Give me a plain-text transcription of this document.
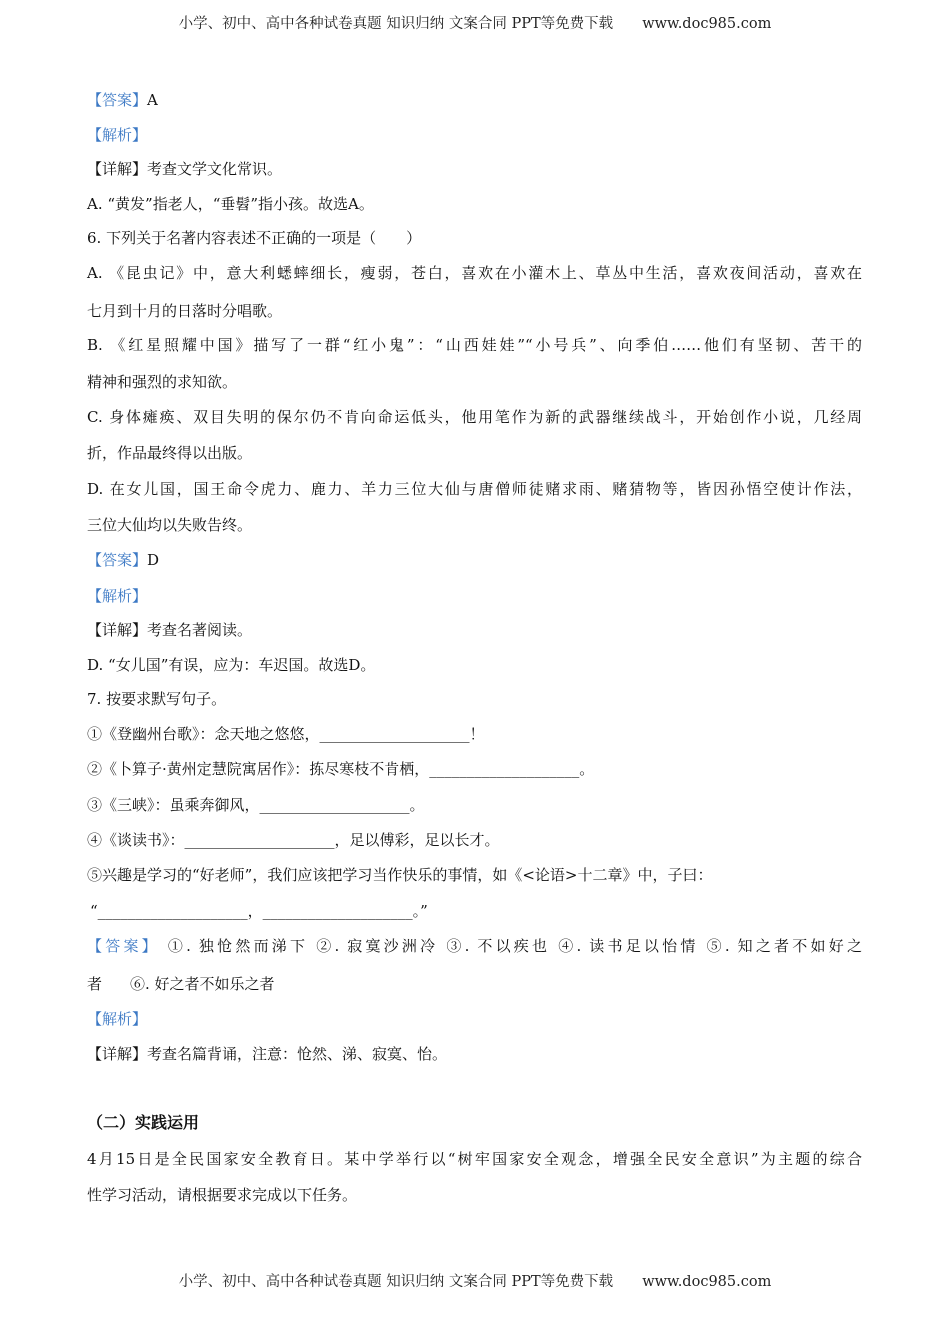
小学、初中、高中各种试卷真题 知识归纳 文案合同 PPT等免费下载　　 www.doc985.com
【答案】A
【解析】
【详解】考查文学文化常识。
A. “黄发”指老人，“垂髫”指小孩。故选A。
6. 下列关于名著内容表述不正确的一项是（　　）
A. 《昆虫记》中，意大利蟋蟀细长，瘦弱，苍白，喜欢在小灌木上、草丛中生活，喜欢夜间活动，喜欢在
七月到十月的日落时分唱歌。
B. 《红星照耀中国》描写了一群“红小鬼”：“山西娃娃”“小号兵”、向季伯……他们有坚韧、苦干的
精神和强烈的求知欲。
C. 身体瘫痪、双目失明的保尔仍不肯向命运低头，他用笔作为新的武器继续战斗，开始创作小说，几经周
折，作品最终得以出版。
D. 在女儿国，国王命令虎力、鹿力、羊力三位大仙与唐僧师徒赌求雨、赌猜物等，皆因孙悟空使计作法，
三位大仙均以失败告终。
【答案】D
【解析】
【详解】考查名著阅读。
D. “女儿国”有误，应为：车迟国。故选D。
7. 按要求默写句子。
①《登幽州台歌》：念天地之悠悠，____________________！
②《卜算子·黄州定慧院寓居作》：拣尽寒枝不肯栖，____________________。
③《三峡》：虽乘奔御风，____________________。
④《谈读书》：____________________，足以傅彩，足以长才。
⑤兴趣是学习的“好老师”，我们应该把学习当作快乐的事情，如《<论语>十二章》中，子曰：
“____________________，____________________。”
【答案】 ①. 独怆然而涕下 ②. 寂寞沙洲冷 ③. 不以疾也 ④. 读书足以怡情 ⑤. 知之者不如好之
者 ⑥. 好之者不如乐之者
【解析】
【详解】考查名篇背诵，注意：怆然、涕、寂寞、怡。
（二）实践运用
4月15日是全民国家安全教育日。某中学举行以“树牢国家安全观念，增强全民安全意识”为主题的综合
性学习活动，请根据要求完成以下任务。
小学、初中、高中各种试卷真题 知识归纳 文案合同 PPT等免费下载　　 www.doc985.com
